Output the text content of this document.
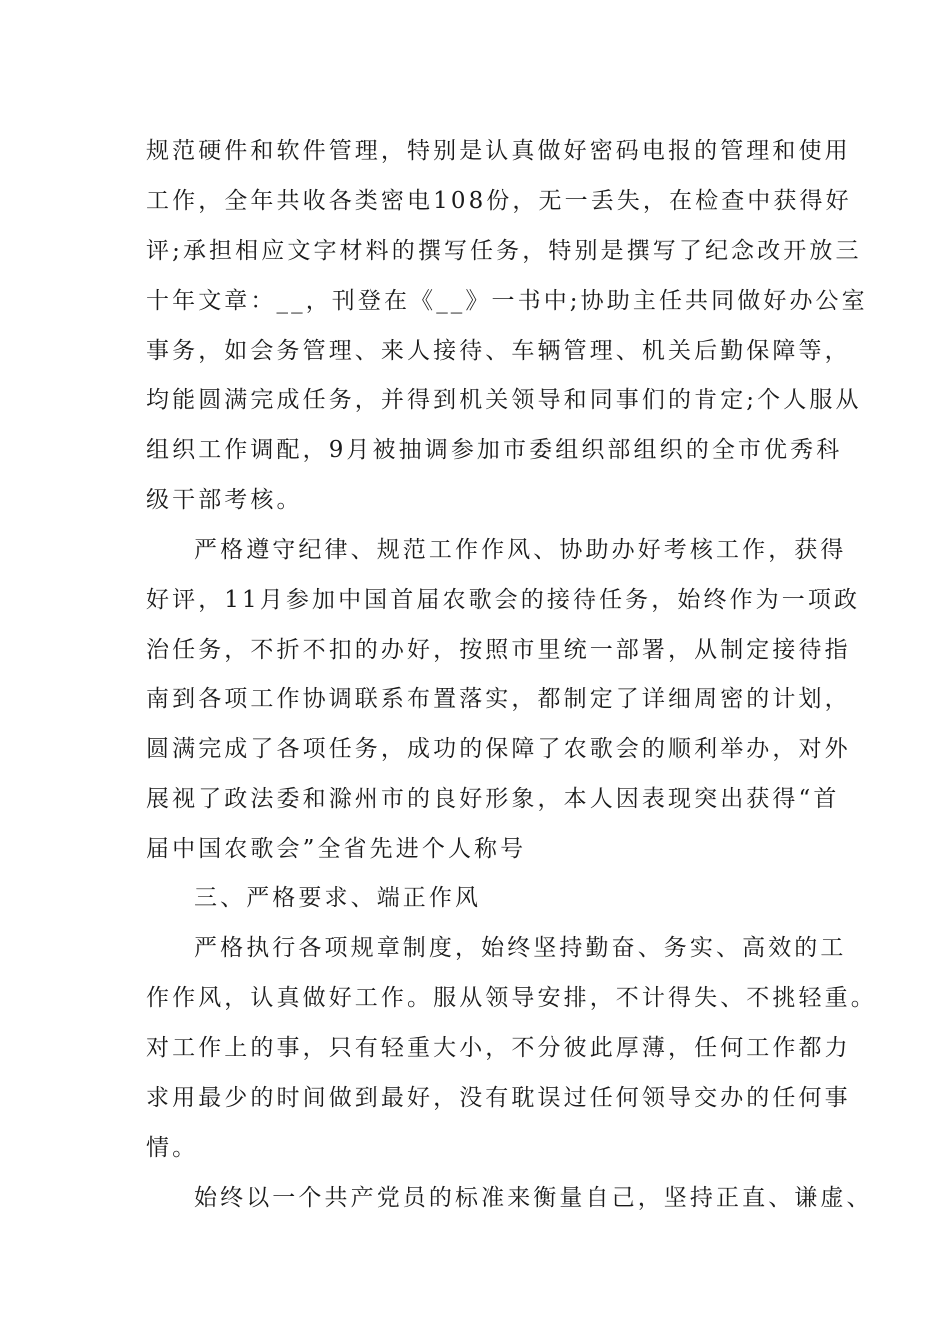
规范硬件和软件管理，特别是认真做好密码电报的管理和使用
工作，全年共收各类密电108份，无一丢失，在检查中获得好
评;承担相应文字材料的撰写任务，特别是撰写了纪念改开放三
十年文章：__，刊登在《__》一书中;协助主任共同做好办公室
事务，如会务管理、来人接待、车辆管理、机关后勤保障等，
均能圆满完成任务，并得到机关领导和同事们的肯定;个人服从
组织工作调配，9月被抽调参加市委组织部组织的全市优秀科
级干部考核。
严格遵守纪律、规范工作作风、协助办好考核工作，获得
好评，11月参加中国首届农歌会的接待任务，始终作为一项政
治任务，不折不扣的办好，按照市里统一部署，从制定接待指
南到各项工作协调联系布置落实，都制定了详细周密的计划，
圆满完成了各项任务，成功的保障了农歌会的顺利举办，对外
展视了政法委和滁州市的良好形象，本人因表现突出获得“首
届中国农歌会”全省先进个人称号
三、严格要求、端正作风
严格执行各项规章制度，始终坚持勤奋、务实、高效的工
作作风，认真做好工作。服从领导安排，不计得失、不挑轻重。
对工作上的事，只有轻重大小，不分彼此厚薄，任何工作都力
求用最少的时间做到最好，没有耽误过任何领导交办的任何事
情。
始终以一个共产党员的标准来衡量自己，坚持正直、谦虚、
